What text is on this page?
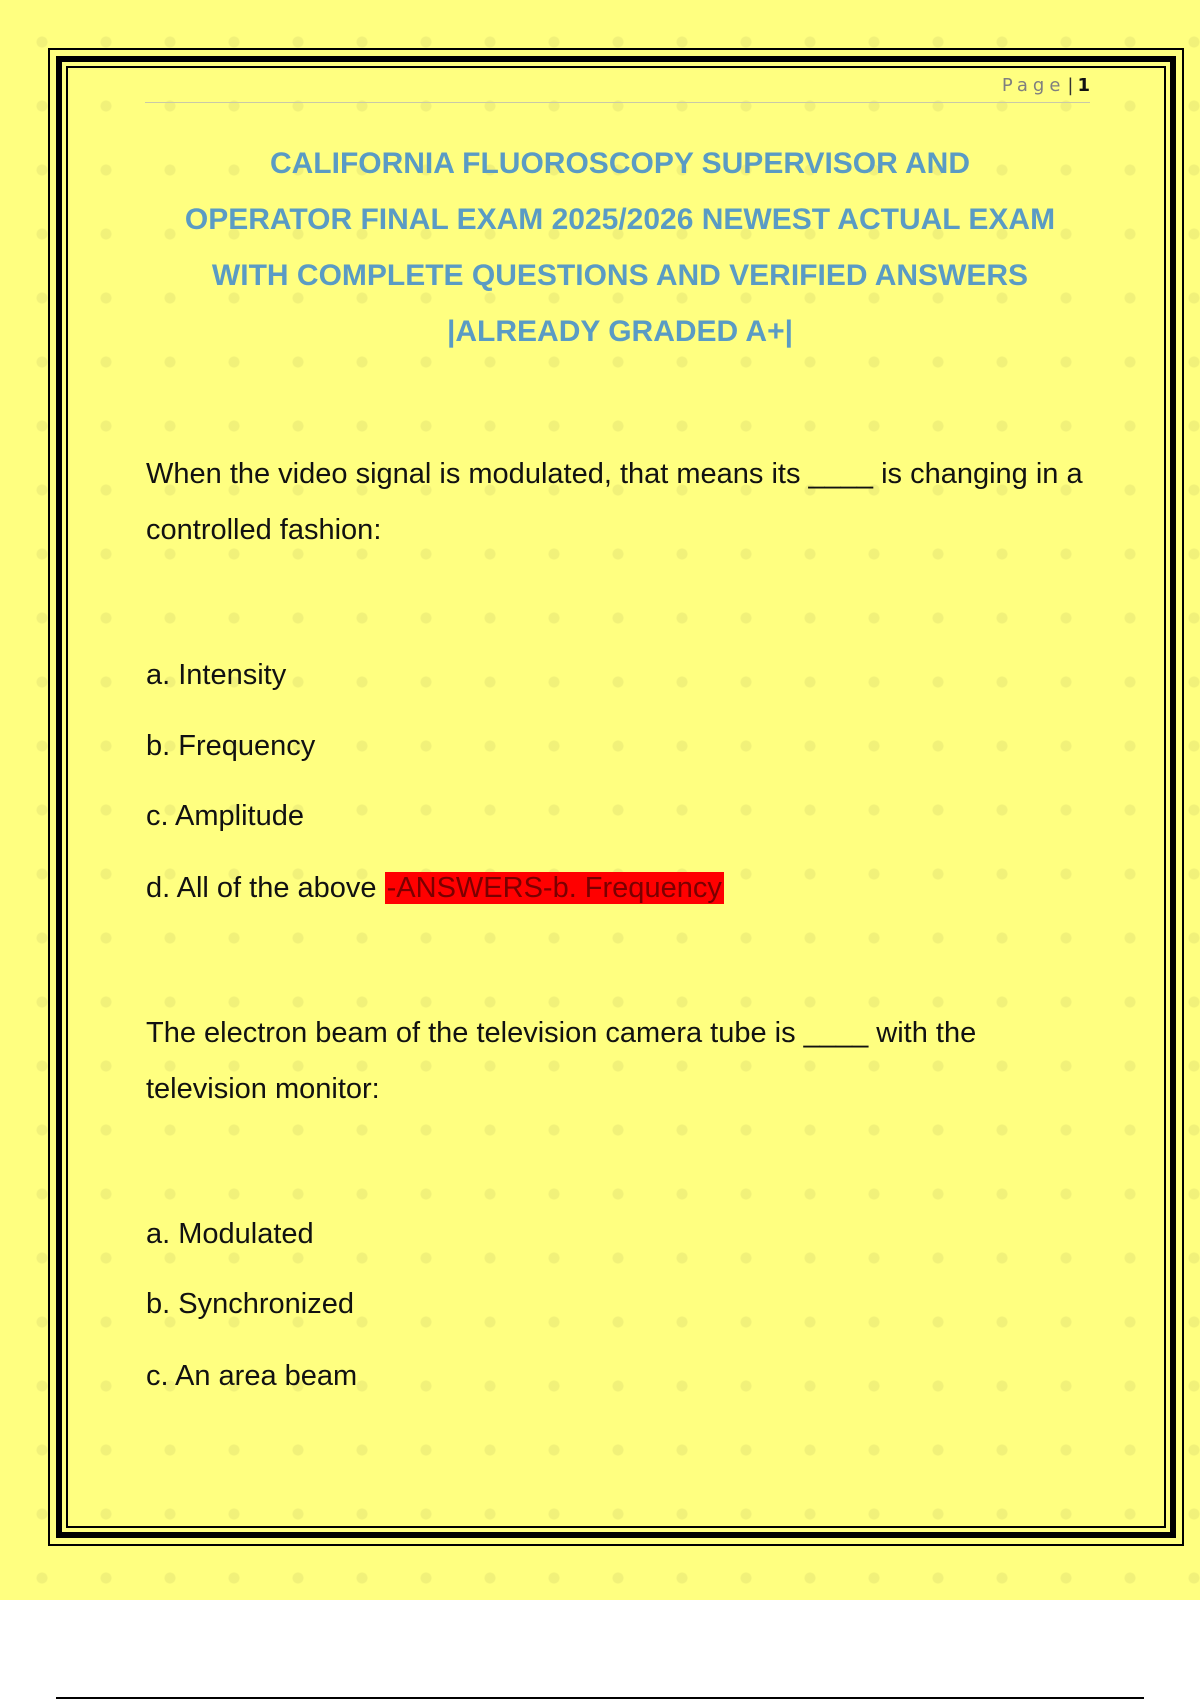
Page | 1
CALIFORNIA FLUOROSCOPY SUPERVISOR AND
OPERATOR FINAL EXAM 2025/2026 NEWEST ACTUAL EXAM
WITH COMPLETE QUESTIONS AND VERIFIED ANSWERS
|ALREADY GRADED A+|

When the video signal is modulated, that means its ____ is changing in a controlled fashion:

a. Intensity
b. Frequency
c. Amplitude
d. All of the above -ANSWERS-b. Frequency

The electron beam of the television camera tube is ____ with the television monitor:

a. Modulated
b. Synchronized
c. An area beam
